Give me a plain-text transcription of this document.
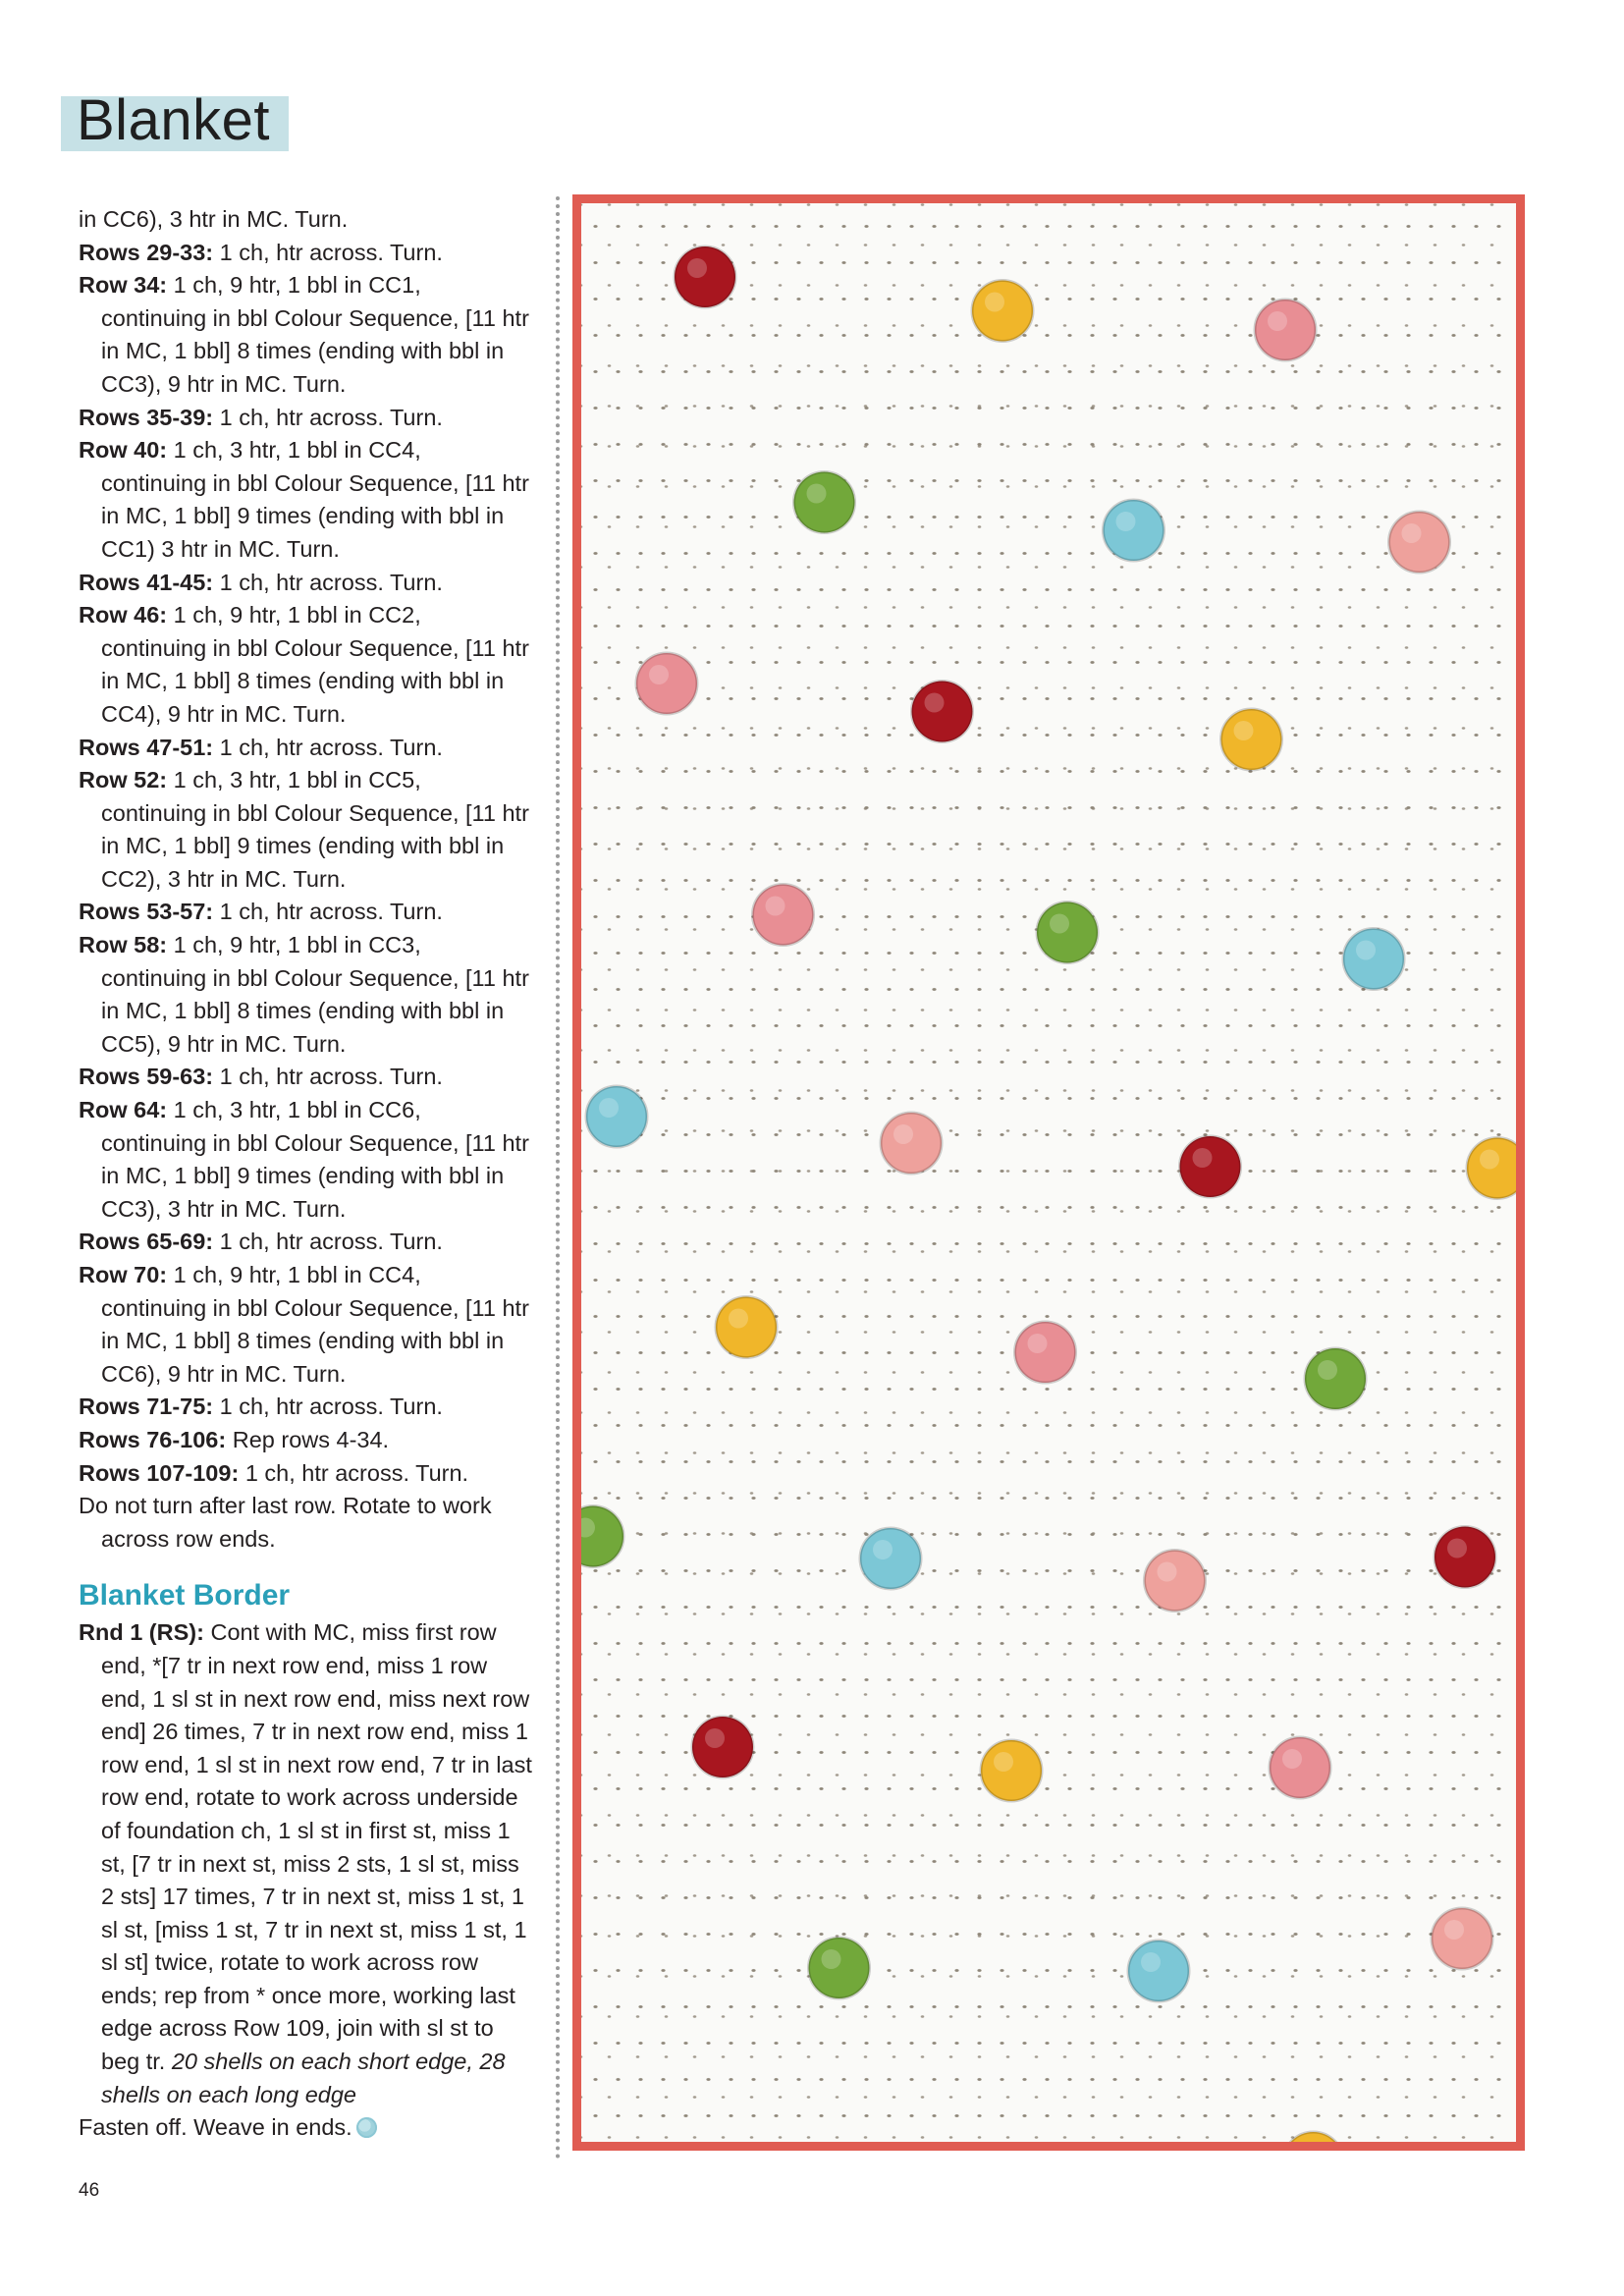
Blanket

in CC6), 3 htr in MC. Turn.

Rows 29-33: 1 ch, htr across. Turn.

Row 34: 1 ch, 9 htr, 1 bbl in CC1, continuing in bbl Colour Sequence, [11 htr in MC, 1 bbl] 8 times (ending with bbl in CC3), 9 htr in MC. Turn.

Rows 35-39: 1 ch, htr across. Turn.

Row 40: 1 ch, 3 htr, 1 bbl in CC4, continuing in bbl Colour Sequence, [11 htr in MC, 1 bbl] 9 times (ending with bbl in CC1) 3 htr in MC. Turn.

Rows 41-45: 1 ch, htr across. Turn.

Row 46: 1 ch, 9 htr, 1 bbl in CC2, continuing in bbl Colour Sequence, [11 htr in MC, 1 bbl] 8 times (ending with bbl in CC4), 9 htr in MC. Turn.

Rows 47-51: 1 ch, htr across. Turn.

Row 52: 1 ch, 3 htr, 1 bbl in CC5, continuing in bbl Colour Sequence, [11 htr in MC, 1 bbl] 9 times (ending with bbl in CC2), 3 htr in MC. Turn.

Rows 53-57: 1 ch, htr across. Turn.

Row 58: 1 ch, 9 htr, 1 bbl in CC3, continuing in bbl Colour Sequence, [11 htr in MC, 1 bbl] 8 times (ending with bbl in CC5), 9 htr in MC. Turn.

Rows 59-63: 1 ch, htr across. Turn.

Row 64: 1 ch, 3 htr, 1 bbl in CC6, continuing in bbl Colour Sequence, [11 htr in MC, 1 bbl] 9 times (ending with bbl in CC3), 3 htr in MC. Turn.

Rows 65-69: 1 ch, htr across. Turn.

Row 70: 1 ch, 9 htr, 1 bbl in CC4, continuing in bbl Colour Sequence, [11 htr in MC, 1 bbl] 8 times (ending with bbl in CC6), 9 htr in MC. Turn.

Rows 71-75: 1 ch, htr across. Turn.

Rows 76-106: Rep rows 4-34.

Rows 107-109: 1 ch, htr across. Turn.

Do not turn after last row. Rotate to work across row ends.

Blanket Border

Rnd 1 (RS): Cont with MC, miss first row end, *[7 tr in next row end, miss 1 row end, 1 sl st in next row end, miss next row end] 26 times, 7 tr in next row end, miss 1 row end, 1 sl st in next row end, 7 tr in last row end, rotate to work across underside of foundation ch, 1 sl st in first st, miss 1 st, [7 tr in next st, miss 2 sts, 1 sl st, miss 2 sts] 17 times, 7 tr in next st, miss 1 st, 1 sl st, [miss 1 st, 7 tr in next st, miss 1 st, 1 sl st] twice, rotate to work across row ends; rep from * once more, working last edge across Row 109, join with sl st to beg tr. 20 shells on each short edge, 28 shells on each long edge

Fasten off. Weave in ends.

46
